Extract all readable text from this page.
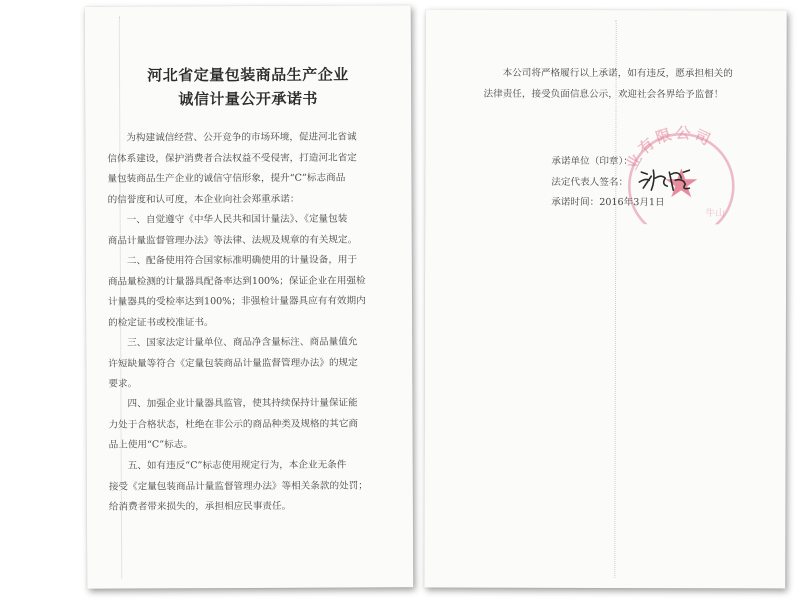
河北省定量包装商品生产企业
诚信计量公开承诺书
为构建诚信经营、公开竞争的市场环境，促进河北省诚
信体系建设，保护消费者合法权益不受侵害，打造河北省定
量包装商品生产企业的诚信守信形象，提升“C”标志商品
的信誉度和认可度，本企业向社会郑重承诺：
一、自觉遵守《中华人民共和国计量法》、《定量包装
商品计量监督管理办法》等法律、法规及规章的有关规定。
二、配备使用符合国家标准明确使用的计量设备，用于
商品量检测的计量器具配备率达到100%；保证企业在用强检
计量器具的受检率达到100%；非强检计量器具应有有效期内
的检定证书或校准证书。
三、国家法定计量单位、商品净含量标注、商品量值允
许短缺量等符合《定量包装商品计量监督管理办法》的规定
要求。
四、加强企业计量器具监管，使其持续保持计量保证能
力处于合格状态，杜绝在非公示的商品种类及规格的其它商
品上使用“C”标志。
五、如有违反“C”标志使用规定行为，本企业无条件
接受《定量包装商品计量监督管理办法》等相关条款的处罚；
给消费者带来损失的，承担相应民事责任。
本公司将严格履行以上承诺，如有违反，愿承担相关的
法律责任，接受负面信息公示，欢迎社会各界给予监督！
业有限公司
牛山
承诺单位（印章）：
法定代表人签名：
承诺时间：2016年3月1日
